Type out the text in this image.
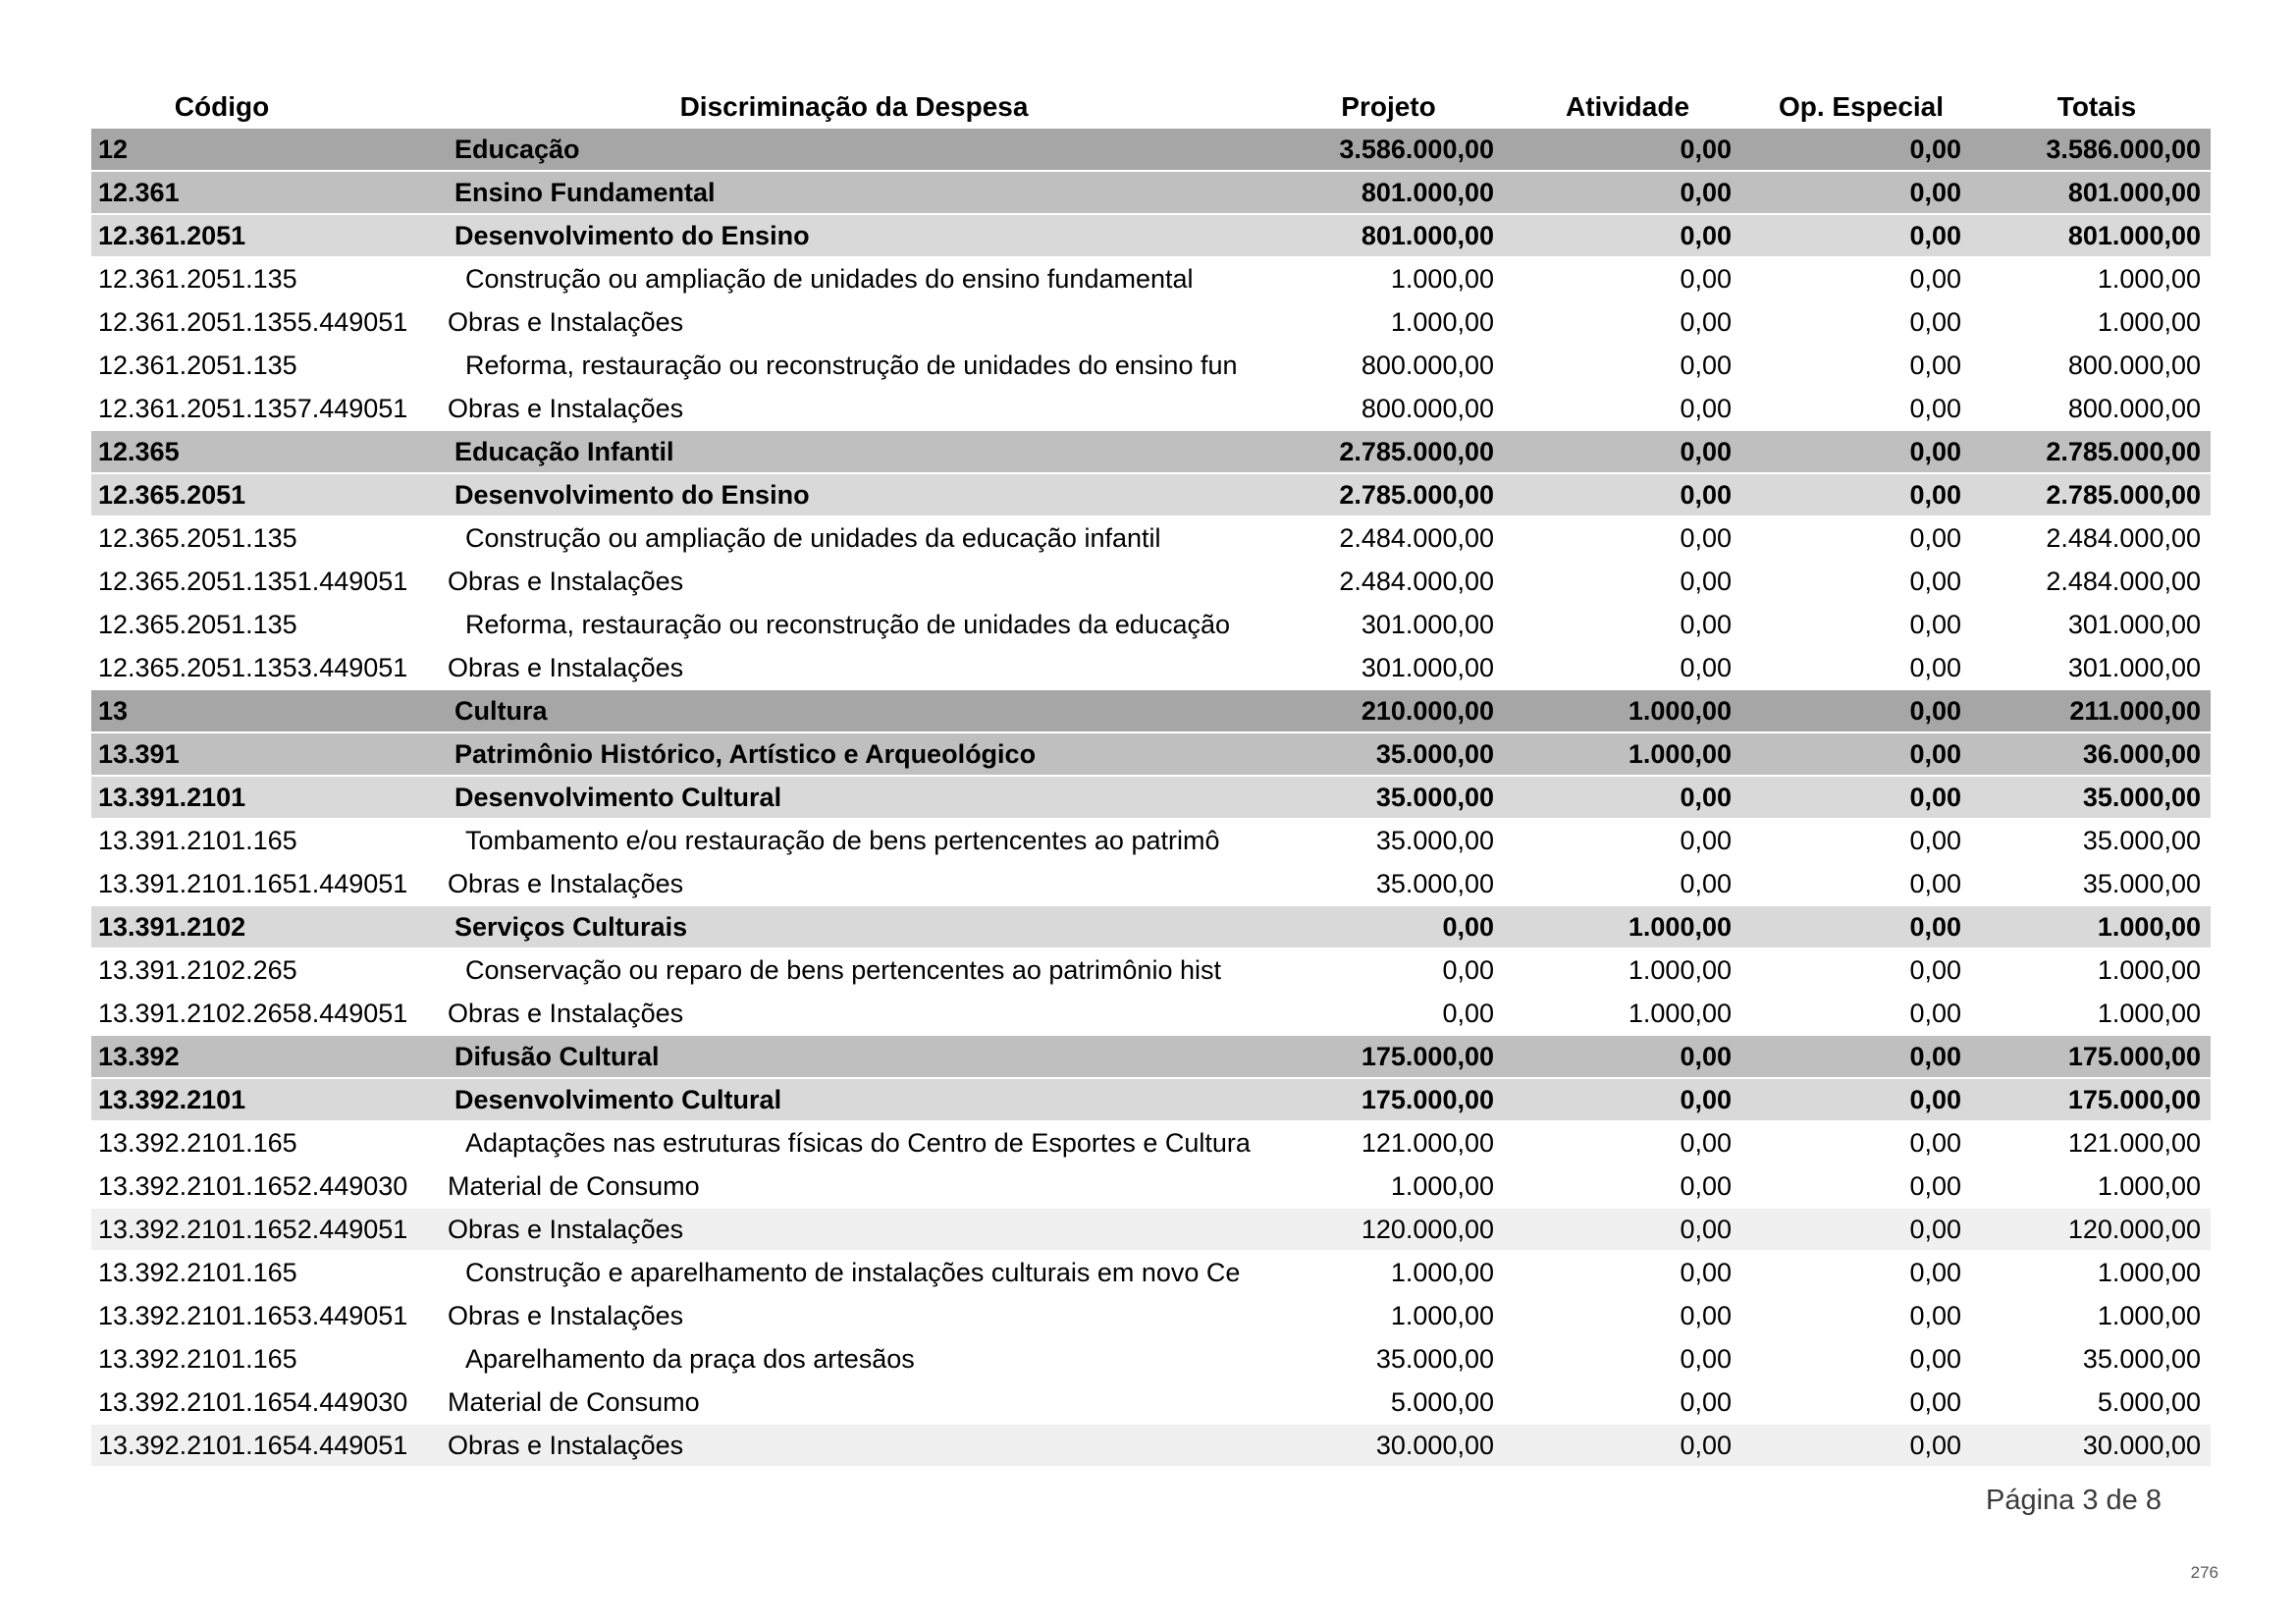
Código	Discriminação da Despesa	Projeto	Atividade	Op. Especial	Totais
12	Educação	3.586.000,00	0,00	0,00	3.586.000,00
12.361	Ensino Fundamental	801.000,00	0,00	0,00	801.000,00
12.361.2051	Desenvolvimento do Ensino	801.000,00	0,00	0,00	801.000,00
12.361.2051.135	Construção ou ampliação de unidades do ensino fundamental	1.000,00	0,00	0,00	1.000,00
12.361.2051.1355.449051	Obras e Instalações	1.000,00	0,00	0,00	1.000,00
12.361.2051.135	Reforma, restauração ou reconstrução de unidades do ensino fun	800.000,00	0,00	0,00	800.000,00
12.361.2051.1357.449051	Obras e Instalações	800.000,00	0,00	0,00	800.000,00
12.365	Educação Infantil	2.785.000,00	0,00	0,00	2.785.000,00
12.365.2051	Desenvolvimento do Ensino	2.785.000,00	0,00	0,00	2.785.000,00
12.365.2051.135	Construção ou ampliação de unidades da educação infantil	2.484.000,00	0,00	0,00	2.484.000,00
12.365.2051.1351.449051	Obras e Instalações	2.484.000,00	0,00	0,00	2.484.000,00
12.365.2051.135	Reforma, restauração ou reconstrução de unidades da educação	301.000,00	0,00	0,00	301.000,00
12.365.2051.1353.449051	Obras e Instalações	301.000,00	0,00	0,00	301.000,00
13	Cultura	210.000,00	1.000,00	0,00	211.000,00
13.391	Patrimônio Histórico, Artístico e Arqueológico	35.000,00	1.000,00	0,00	36.000,00
13.391.2101	Desenvolvimento Cultural	35.000,00	0,00	0,00	35.000,00
13.391.2101.165	Tombamento e/ou restauração de bens pertencentes ao patrimô	35.000,00	0,00	0,00	35.000,00
13.391.2101.1651.449051	Obras e Instalações	35.000,00	0,00	0,00	35.000,00
13.391.2102	Serviços Culturais	0,00	1.000,00	0,00	1.000,00
13.391.2102.265	Conservação ou reparo de bens pertencentes ao patrimônio hist	0,00	1.000,00	0,00	1.000,00
13.391.2102.2658.449051	Obras e Instalações	0,00	1.000,00	0,00	1.000,00
13.392	Difusão Cultural	175.000,00	0,00	0,00	175.000,00
13.392.2101	Desenvolvimento Cultural	175.000,00	0,00	0,00	175.000,00
13.392.2101.165	Adaptações nas estruturas físicas do Centro de Esportes e Cultura	121.000,00	0,00	0,00	121.000,00
13.392.2101.1652.449030	Material de Consumo	1.000,00	0,00	0,00	1.000,00
13.392.2101.1652.449051	Obras e Instalações	120.000,00	0,00	0,00	120.000,00
13.392.2101.165	Construção e aparelhamento de instalações culturais em novo Ce	1.000,00	0,00	0,00	1.000,00
13.392.2101.1653.449051	Obras e Instalações	1.000,00	0,00	0,00	1.000,00
13.392.2101.165	Aparelhamento da praça dos artesãos	35.000,00	0,00	0,00	35.000,00
13.392.2101.1654.449030	Material de Consumo	5.000,00	0,00	0,00	5.000,00
13.392.2101.1654.449051	Obras e Instalações	30.000,00	0,00	0,00	30.000,00
Página 3 de 8
276
